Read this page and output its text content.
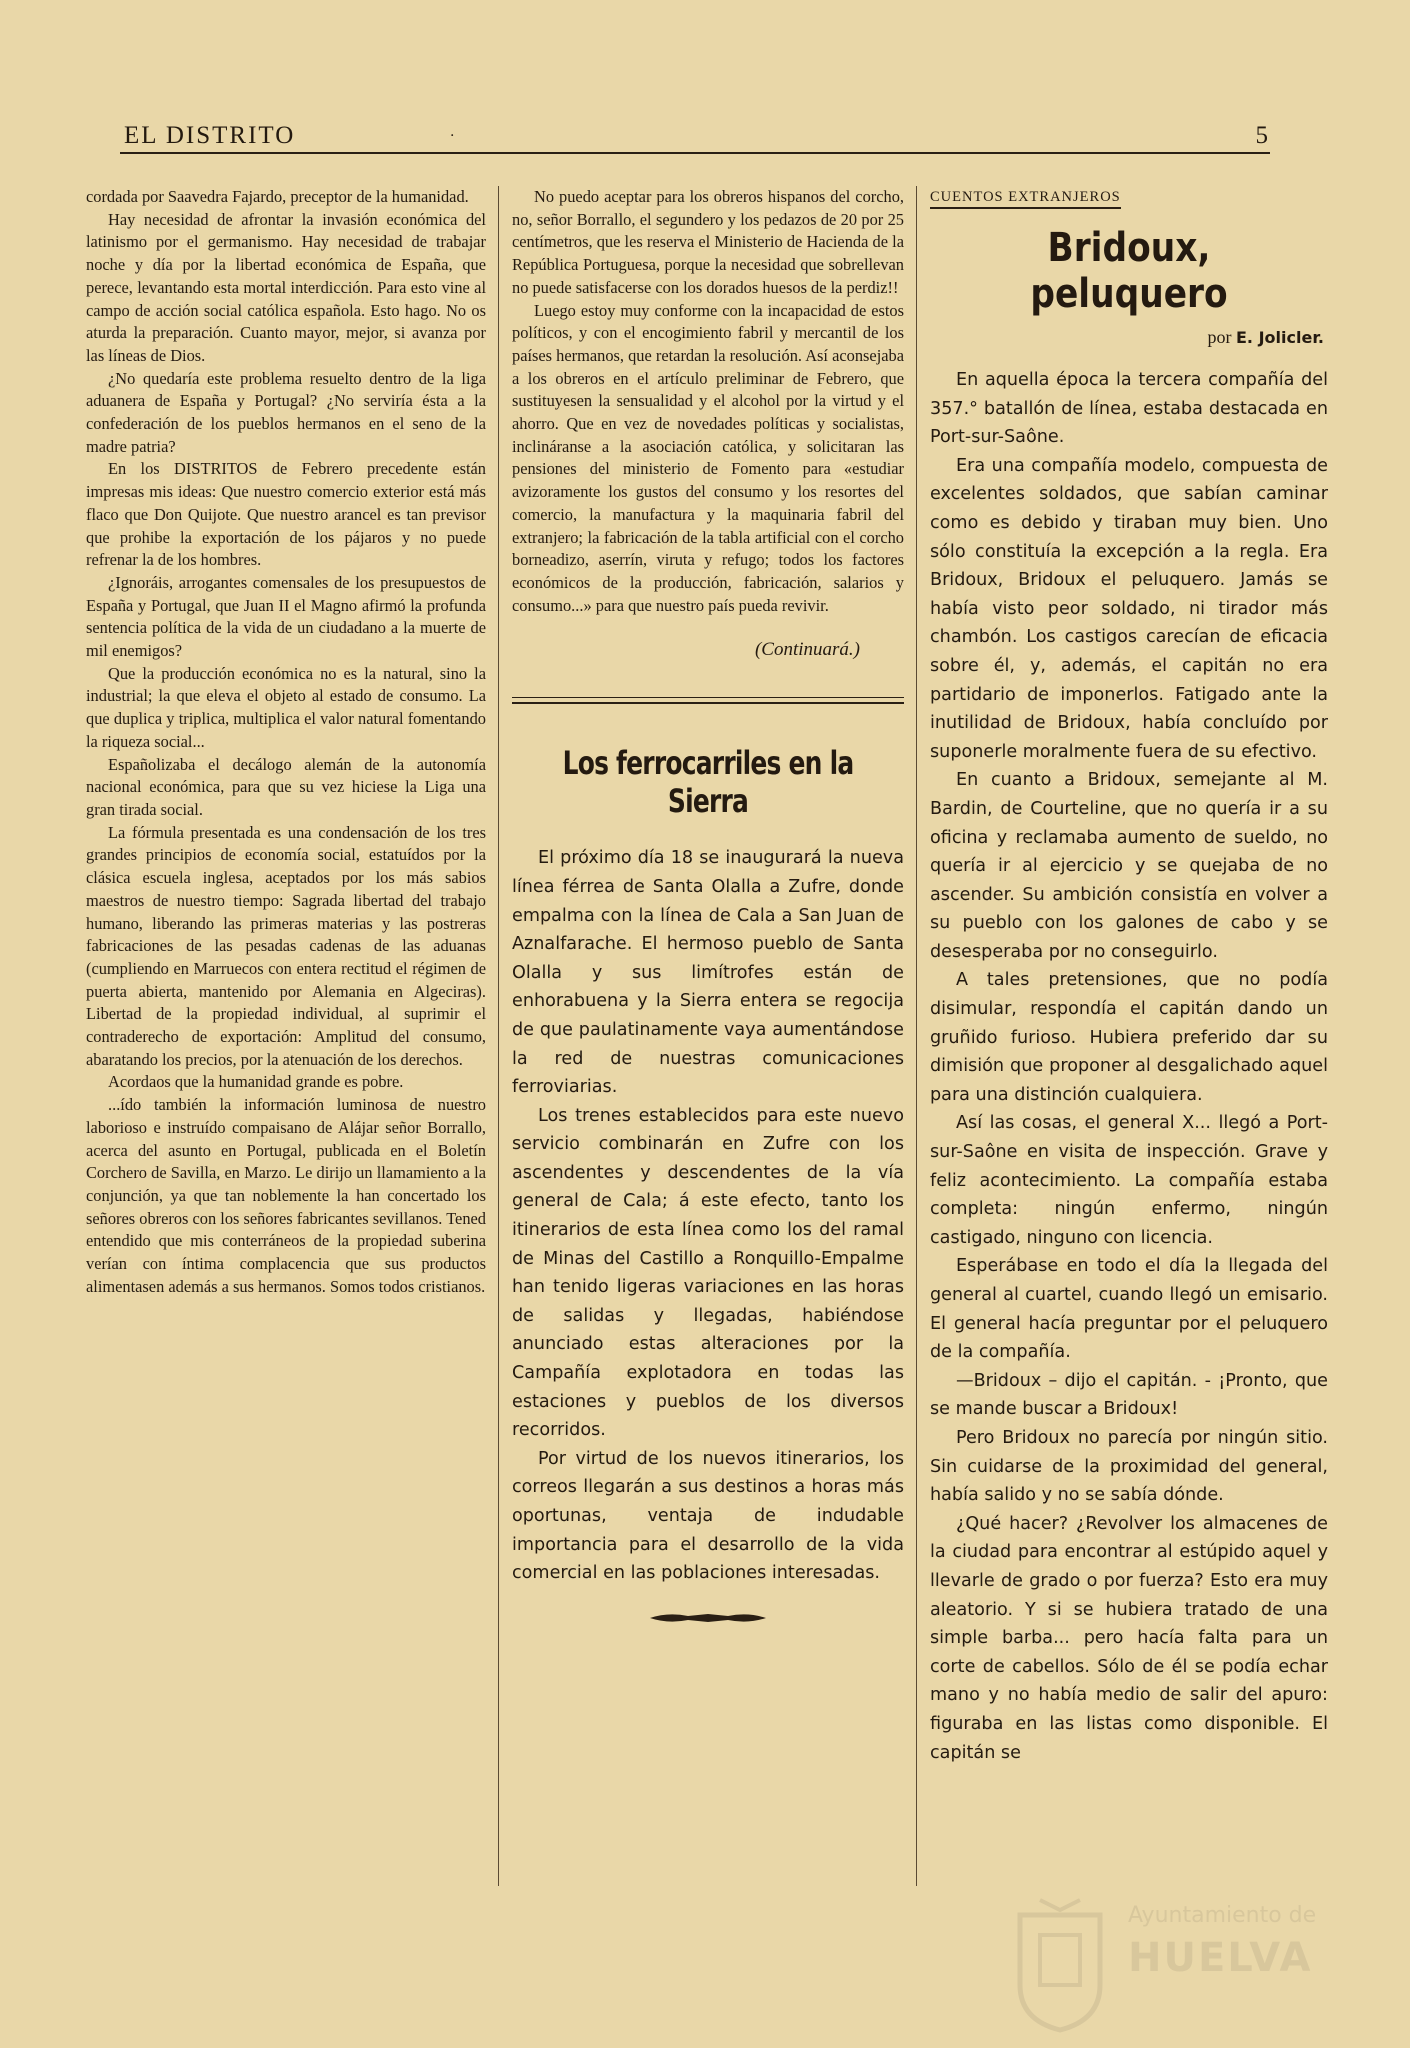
EL DISTRITO	·	5

cordada por Saavedra Fajardo, preceptor de la humanidad.

Hay necesidad de afrontar la invasión económica del latinismo por el germanismo. Hay necesidad de trabajar noche y día por la libertad económica de España, que perece, levantando esta mortal interdicción. Para esto vine al campo de acción social católica española. Esto hago. No os aturda la preparación. Cuanto mayor, mejor, si avanza por las líneas de Dios.

¿No quedaría este problema resuelto dentro de la liga aduanera de España y Portugal? ¿No serviría ésta a la confederación de los pueblos hermanos en el seno de la madre patria?

En los DISTRITOS de Febrero precedente están impresas mis ideas: Que nuestro comercio exterior está más flaco que Don Quijote. Que nuestro arancel es tan previsor que prohibe la exportación de los pájaros y no puede refrenar la de los hombres.

¿Ignoráis, arrogantes comensales de los presupuestos de España y Portugal, que Juan II el Magno afirmó la profunda sentencia política de la vida de un ciudadano a la muerte de mil enemigos?

Que la producción económica no es la natural, sino la industrial; la que eleva el objeto al estado de consumo. La que duplica y triplica, multiplica el valor natural fomentando la riqueza social...

Españolizaba el decálogo alemán de la autonomía nacional económica, para que su vez hiciese la Liga una gran tirada social.

La fórmula presentada es una condensación de los tres grandes principios de economía social, estatuídos por la clásica escuela inglesa, aceptados por los más sabios maestros de nuestro tiempo: Sagrada libertad del trabajo humano, liberando las primeras materias y las postreras fabricaciones de las pesadas cadenas de las aduanas (cumpliendo en Marruecos con entera rectitud el régimen de puerta abierta, mantenido por Alemania en Algeciras). Libertad de la propiedad individual, al suprimir el contraderecho de exportación: Amplitud del consumo, abaratando los precios, por la atenuación de los derechos.

Acordaos que la humanidad grande es pobre.

...ído también la información luminosa de nuestro laborioso e instruído compaisano de Alájar señor Borrallo, acerca del asunto en Portugal, publicada en el Boletín Corchero de Savilla, en Marzo. Le dirijo un llamamiento a la conjunción, ya que tan noblemente la han concertado los señores obreros con los señores fabricantes sevillanos. Tened entendido que mis conterráneos de la propiedad suberina verían con íntima complacencia que sus productos alimentasen además a sus hermanos. Somos todos cristianos.

No puedo aceptar para los obreros hispanos del corcho, no, señor Borrallo, el segundero y los pedazos de 20 por 25 centímetros, que les reserva el Ministerio de Hacienda de la República Portuguesa, porque la necesidad que sobrellevan no puede satisfacerse con los dorados huesos de la perdiz!!

Luego estoy muy conforme con la incapacidad de estos políticos, y con el encogimiento fabril y mercantil de los países hermanos, que retardan la resolución. Así aconsejaba a los obreros en el artículo preliminar de Febrero, que sustituyesen la sensualidad y el alcohol por la virtud y el ahorro. Que en vez de novedades políticas y socialistas, inclináranse a la asociación católica, y solicitaran las pensiones del ministerio de Fomento para «estudiar avizoramente los gustos del consumo y los resortes del comercio, la manufactura y la maquinaria fabril del extranjero; la fabricación de la tabla artificial con el corcho borneadizo, aserrín, viruta y refugo; todos los factores económicos de la producción, fabricación, salarios y consumo...» para que nuestro país pueda revivir.

(Continuará.)
Los ferrocarriles en la Sierra

El próximo día 18 se inaugurará la nueva línea férrea de Santa Olalla a Zufre, donde empalma con la línea de Cala a San Juan de Aznalfarache. El hermoso pueblo de Santa Olalla y sus limítrofes están de enhorabuena y la Sierra entera se regocija de que paulatinamente vaya aumentándose la red de nuestras comunicaciones ferroviarias.

Los trenes establecidos para este nuevo servicio combinarán en Zufre con los ascendentes y descendentes de la vía general de Cala; á este efecto, tanto los itinerarios de esta línea como los del ramal de Minas del Castillo a Ronquillo-Empalme han tenido ligeras variaciones en las horas de salidas y llegadas, habiéndose anunciado estas alteraciones por la Campañía explotadora en todas las estaciones y pueblos de los diversos recorridos.

Por virtud de los nuevos itinerarios, los correos llegarán a sus destinos a horas más oportunas, ventaja de indudable importancia para el desarrollo de la vida comercial en las poblaciones interesadas.

CUENTOS EXTRANJEROS
Bridoux, peluquero
por E. Jolicler.

En aquella época la tercera compañía del 357.° batallón de línea, estaba destacada en Port-sur-Saône.

Era una compañía modelo, compuesta de excelentes soldados, que sabían caminar como es debido y tiraban muy bien. Uno sólo constituía la excepción a la regla. Era Bridoux, Bridoux el peluquero. Jamás se había visto peor soldado, ni tirador más chambón. Los castigos carecían de eficacia sobre él, y, además, el capitán no era partidario de imponerlos. Fatigado ante la inutilidad de Bridoux, había concluído por suponerle moralmente fuera de su efectivo.

En cuanto a Bridoux, semejante al M. Bardin, de Courteline, que no quería ir a su oficina y reclamaba aumento de sueldo, no quería ir al ejercicio y se quejaba de no ascender. Su ambición consistía en volver a su pueblo con los galones de cabo y se desesperaba por no conseguirlo.

A tales pretensiones, que no podía disimular, respondía el capitán dando un gruñido furioso. Hubiera preferido dar su dimisión que proponer al desgalichado aquel para una distinción cualquiera.

Así las cosas, el general X... llegó a Port-sur-Saône en visita de inspección. Grave y feliz acontecimiento. La compañía estaba completa: ningún enfermo, ningún castigado, ninguno con licencia.

Esperábase en todo el día la llegada del general al cuartel, cuando llegó un emisario. El general hacía preguntar por el peluquero de la compañía.

—Bridoux – dijo el capitán. - ¡Pronto, que se mande buscar a Bridoux!

Pero Bridoux no parecía por ningún sitio. Sin cuidarse de la proximidad del general, había salido y no se sabía dónde.

¿Qué hacer? ¿Revolver los almacenes de la ciudad para encontrar al estúpido aquel y llevarle de grado o por fuerza? Esto era muy aleatorio. Y si se hubiera tratado de una simple barba... pero hacía falta para un corte de cabellos. Sólo de él se podía echar mano y no había medio de salir del apuro: figuraba en las listas como disponible. El capitán se

Ayuntamiento de
HUELVA
